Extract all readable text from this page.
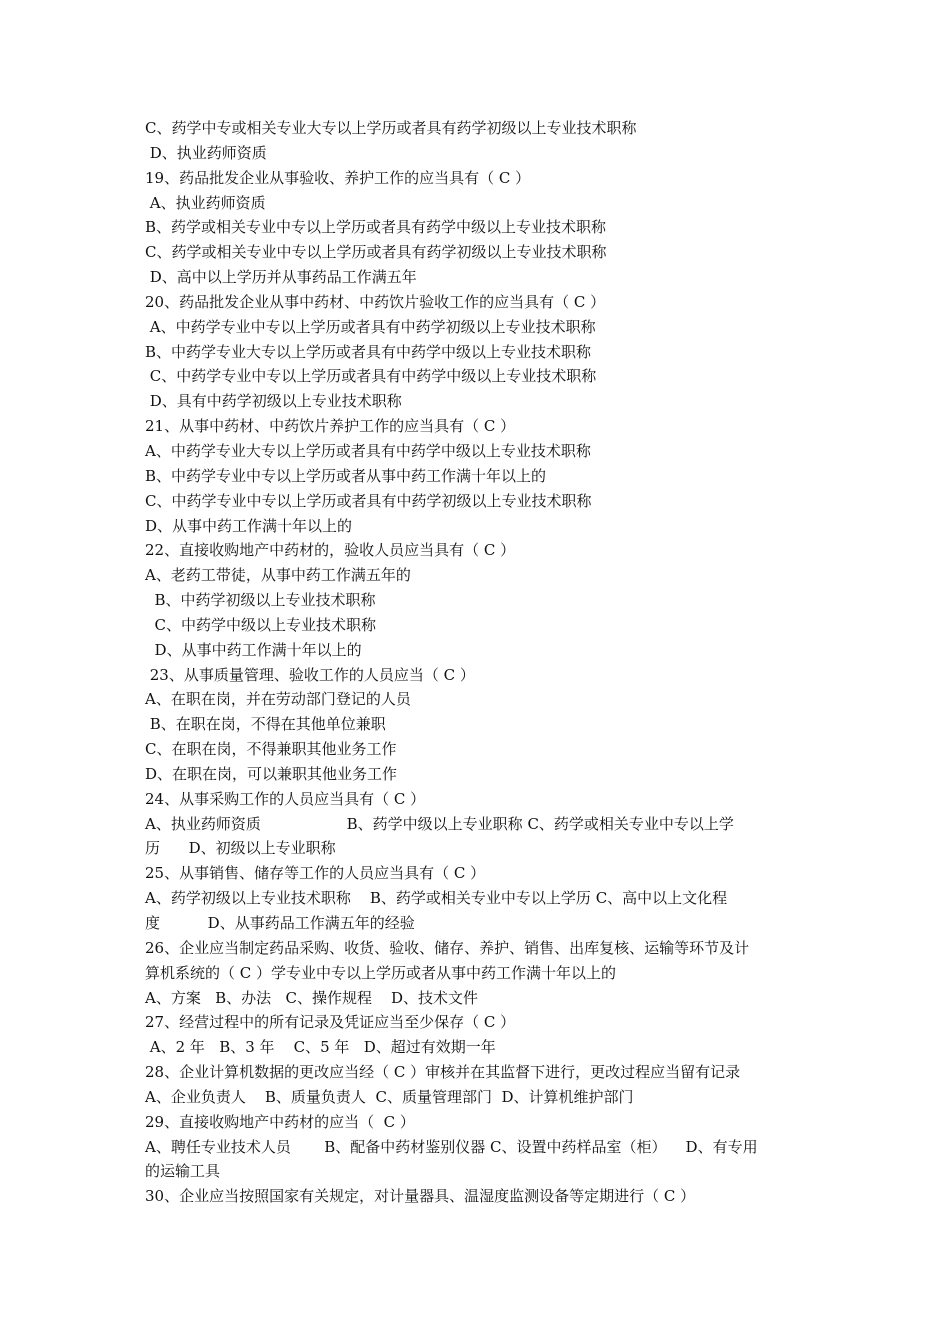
C、药学中专或相关专业大专以上学历或者具有药学初级以上专业技术职称
D、执业药师资质
19、药品批发企业从事验收、养护工作的应当具有（ C ）
A、执业药师资质
B、药学或相关专业中专以上学历或者具有药学中级以上专业技术职称
C、药学或相关专业中专以上学历或者具有药学初级以上专业技术职称
D、高中以上学历并从事药品工作满五年
20、药品批发企业从事中药材、中药饮片验收工作的应当具有（ C ）
A、中药学专业中专以上学历或者具有中药学初级以上专业技术职称
B、中药学专业大专以上学历或者具有中药学中级以上专业技术职称
C、中药学专业中专以上学历或者具有中药学中级以上专业技术职称
D、具有中药学初级以上专业技术职称
21、从事中药材、中药饮片养护工作的应当具有（ C ）
A、中药学专业大专以上学历或者具有中药学中级以上专业技术职称
B、中药学专业中专以上学历或者从事中药工作满十年以上的
C、中药学专业中专以上学历或者具有中药学初级以上专业技术职称
D、从事中药工作满十年以上的
22、直接收购地产中药材的，验收人员应当具有（ C ）
A、老药工带徒，从事中药工作满五年的
B、中药学初级以上专业技术职称
C、中药学中级以上专业技术职称
D、从事中药工作满十年以上的
23、从事质量管理、验收工作的人员应当（ C ）
A、在职在岗，并在劳动部门登记的人员
B、在职在岗，不得在其他单位兼职
C、在职在岗，不得兼职其他业务工作
D、在职在岗，可以兼职其他业务工作
24、从事采购工作的人员应当具有（ C ）
A、执业药师资质                  B、药学中级以上专业职称 C、药学或相关专业中专以上学
历      D、初级以上专业职称
25、从事销售、储存等工作的人员应当具有（ C ）
A、药学初级以上专业技术职称    B、药学或相关专业中专以上学历 C、高中以上文化程
度          D、从事药品工作满五年的经验
26、企业应当制定药品采购、收货、验收、储存、养护、销售、出库复核、运输等环节及计
算机系统的（ C ）学专业中专以上学历或者从事中药工作满十年以上的
A、方案   B、办法   C、操作规程    D、技术文件
27、经营过程中的所有记录及凭证应当至少保存（ C ）
A、2 年   B、3 年    C、5 年   D、超过有效期一年
28、企业计算机数据的更改应当经（ C ）审核并在其监督下进行，更改过程应当留有记录
A、企业负责人    B、质量负责人  C、质量管理部门  D、计算机维护部门
29、直接收购地产中药材的应当（  C ）
A、聘任专业技术人员       B、配备中药材鉴别仪器 C、设置中药样品室（柜）    D、有专用
的运输工具
30、企业应当按照国家有关规定，对计量器具、温湿度监测设备等定期进行（ C ）
